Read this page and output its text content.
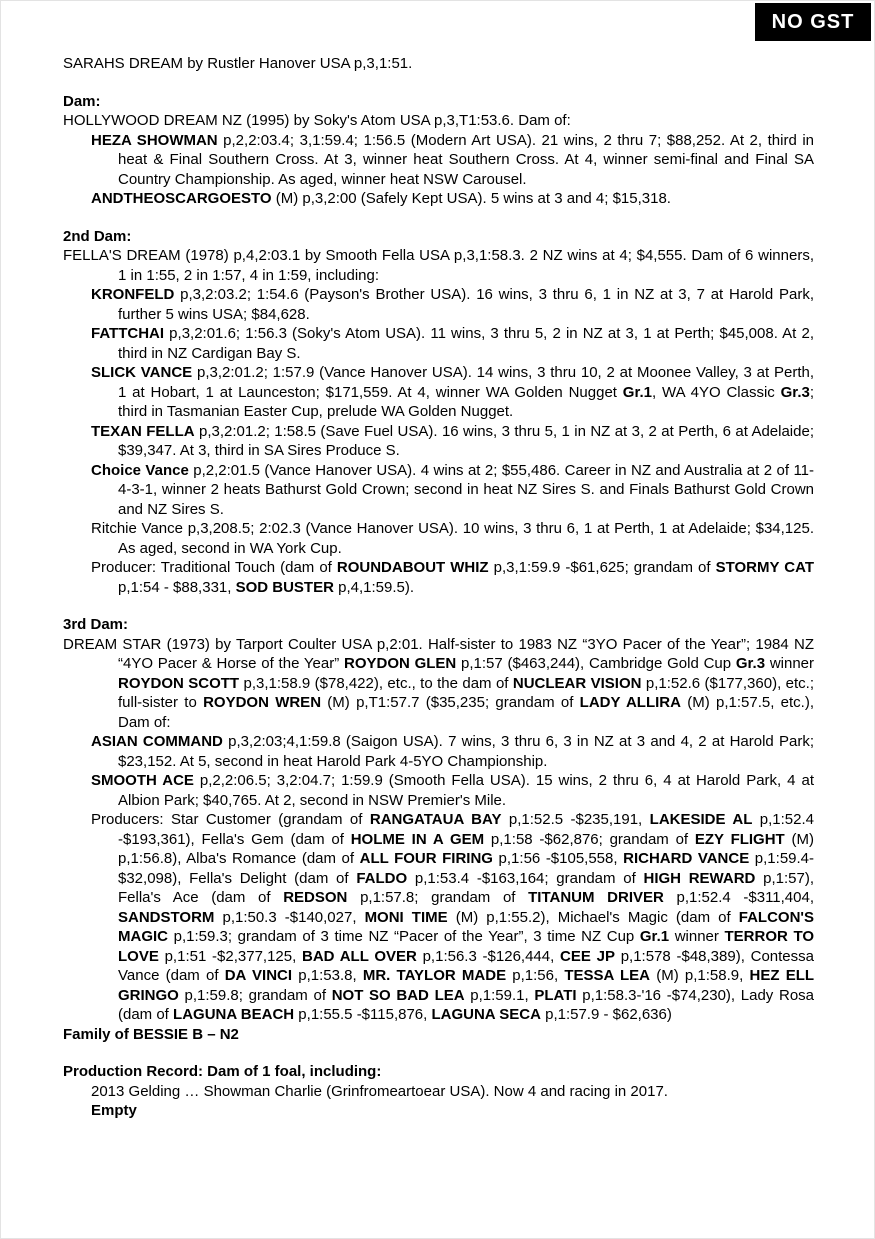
NO GST
SARAHS DREAM by Rustler Hanover USA p,3,1:51.
Dam:

HOLLYWOOD DREAM NZ (1995) by Soky's Atom USA p,3,T1:53.6. Dam of:

HEZA SHOWMAN p,2,2:03.4; 3,1:59.4; 1:56.5 (Modern Art USA). 21 wins, 2 thru 7; $88,252. At 2, third in heat & Final Southern Cross. At 3, winner heat Southern Cross. At 4, winner semi-final and Final SA Country Championship. As aged, winner heat NSW Carousel.

ANDTHEOSCARGOESTO (M) p,3,2:00 (Safely Kept USA). 5 wins at 3 and 4; $15,318.

2nd Dam:

FELLA'S DREAM (1978) p,4,2:03.1 by Smooth Fella USA p,3,1:58.3. 2 NZ wins at 4; $4,555. Dam of 6 winners, 1 in 1:55, 2 in 1:57, 4 in 1:59, including:

KRONFELD p,3,2:03.2; 1:54.6 (Payson's Brother USA). 16 wins, 3 thru 6, 1 in NZ at 3, 7 at Harold Park, further 5 wins USA; $84,628.

FATTCHAI p,3,2:01.6; 1:56.3 (Soky's Atom USA). 11 wins, 3 thru 5, 2 in NZ at 3, 1 at Perth; $45,008. At 2, third in NZ Cardigan Bay S.

SLICK VANCE p,3,2:01.2; 1:57.9 (Vance Hanover USA). 14 wins, 3 thru 10, 2 at Moonee Valley, 3 at Perth, 1 at Hobart, 1 at Launceston; $171,559. At 4, winner WA Golden Nugget Gr.1, WA 4YO Classic Gr.3; third in Tasmanian Easter Cup, prelude WA Golden Nugget.

TEXAN FELLA p,3,2:01.2; 1:58.5 (Save Fuel USA). 16 wins, 3 thru 5, 1 in NZ at 3, 2 at Perth, 6 at Adelaide; $39,347. At 3, third in SA Sires Produce S.

Choice Vance p,2,2:01.5 (Vance Hanover USA). 4 wins at 2; $55,486. Career in NZ and Australia at 2 of 11-4-3-1, winner 2 heats Bathurst Gold Crown; second in heat NZ Sires S. and Finals Bathurst Gold Crown and NZ Sires S.

Ritchie Vance p,3,208.5; 2:02.3 (Vance Hanover USA). 10 wins, 3 thru 6, 1 at Perth, 1 at Adelaide; $34,125. As aged, second in WA York Cup.

Producer: Traditional Touch (dam of ROUNDABOUT WHIZ p,3,1:59.9 -$61,625; grandam of STORMY CAT p,1:54 - $88,331, SOD BUSTER p,4,1:59.5).

3rd Dam:

DREAM STAR (1973) by Tarport Coulter USA p,2:01. Half-sister to 1983 NZ “3YO Pacer of the Year”; 1984 NZ “4YO Pacer & Horse of the Year” ROYDON GLEN p,1:57 ($463,244), Cambridge Gold Cup Gr.3 winner ROYDON SCOTT p,3,1:58.9 ($78,422), etc., to the dam of NUCLEAR VISION p,1:52.6 ($177,360), etc.; full-sister to ROYDON WREN (M) p,T1:57.7 ($35,235; grandam of LADY ALLIRA (M) p,1:57.5, etc.), Dam of:

ASIAN COMMAND p,3,2:03;4,1:59.8 (Saigon USA). 7 wins, 3 thru 6, 3 in NZ at 3 and 4, 2 at Harold Park; $23,152. At 5, second in heat Harold Park 4-5YO Championship.

SMOOTH ACE p,2,2:06.5; 3,2:04.7; 1:59.9 (Smooth Fella USA). 15 wins, 2 thru 6, 4 at Harold Park, 4 at Albion Park; $40,765. At 2, second in NSW Premier's Mile.

Producers: Star Customer (grandam of RANGATAUA BAY p,1:52.5 -$235,191, LAKESIDE AL p,1:52.4 -$193,361), Fella's Gem (dam of HOLME IN A GEM p,1:58 -$62,876; grandam of EZY FLIGHT (M) p,1:56.8), Alba's Romance (dam of ALL FOUR FIRING p,1:56 -$105,558, RICHARD VANCE p,1:59.4- $32,098), Fella's Delight (dam of FALDO p,1:53.4 -$163,164; grandam of HIGH REWARD p,1:57), Fella's Ace (dam of REDSON p,1:57.8; grandam of TITANUM DRIVER p,1:52.4 -$311,404, SANDSTORM p,1:50.3 -$140,027, MONI TIME (M) p,1:55.2), Michael's Magic (dam of FALCON'S MAGIC p,1:59.3; grandam of 3 time NZ “Pacer of the Year”, 3 time NZ Cup Gr.1 winner TERROR TO LOVE p,1:51 -$2,377,125, BAD ALL OVER p,1:56.3 -$126,444, CEE JP p,1:578 -$48,389), Contessa Vance (dam of DA VINCI p,1:53.8, MR. TAYLOR MADE p,1:56, TESSA LEA (M) p,1:58.9, HEZ ELL GRINGO p,1:59.8; grandam of NOT SO BAD LEA p,1:59.1, PLATI p,1:58.3-'16 -$74,230), Lady Rosa (dam of LAGUNA BEACH p,1:55.5 -$115,876, LAGUNA SECA p,1:57.9 - $62,636)

Family of BESSIE B – N2

Production Record: Dam of 1 foal, including:

2013 Gelding … Showman Charlie (Grinfromeartoear USA). Now 4 and racing in 2017.

Empty
